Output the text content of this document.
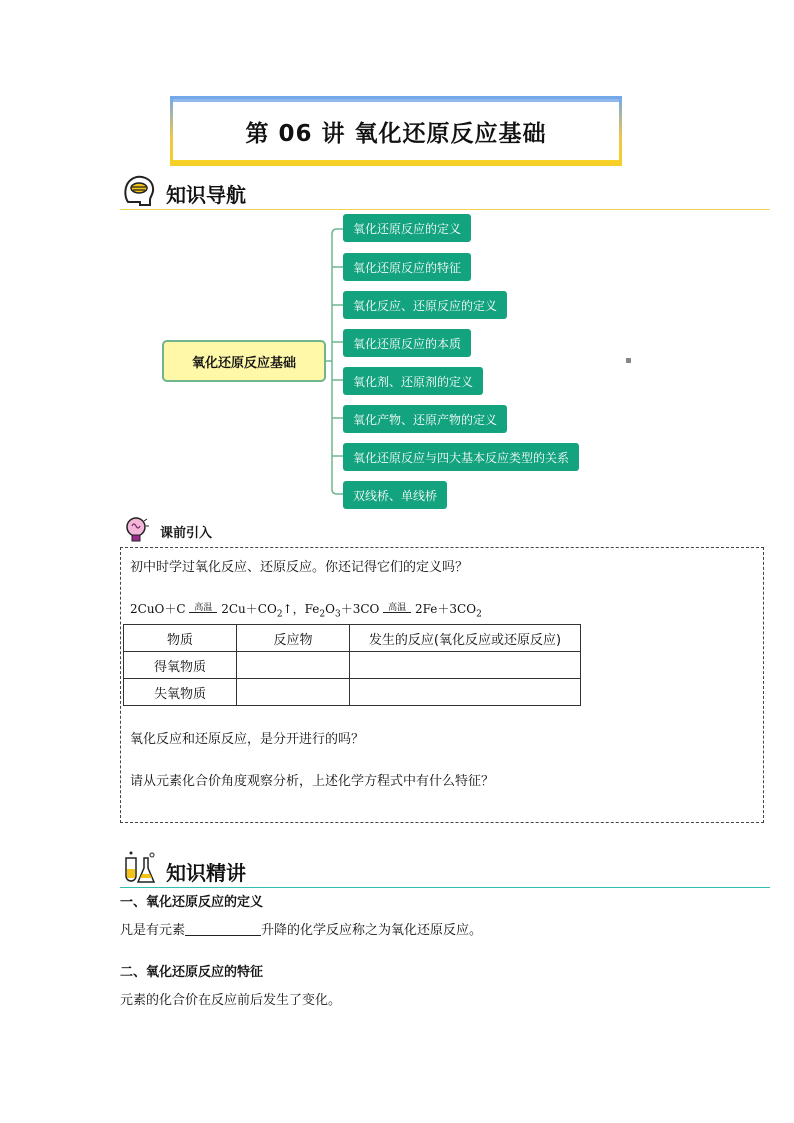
第 06 讲 氧化还原反应基础
知识导航
氧化还原反应基础
氧化还原反应的定义
氧化还原反应的特征
氧化反应、还原反应的定义
氧化还原反应的本质
氧化剂、还原剂的定义
氧化产物、还原产物的定义
氧化还原反应与四大基本反应类型的关系
双线桥、单线桥
课前引入
初中时学过氧化反应、还原反应。你还记得它们的定义吗？
2CuO＋C 高温 $2Cu+CO_2↑$，$Fe_2O_3+3CO$ 高温 $2Fe+3CO_2$
物质	反应物	发生的反应(氧化反应或还原反应)
得氧物质		
失氧物质		
氧化反应和还原反应，是分开进行的吗？
请从元素化合价角度观察分析，上述化学方程式中有什么特征？
知识精讲
一、氧化还原反应的定义
凡是有元素	升降的化学反应称之为氧化还原反应。
二、氧化还原反应的特征
元素的化合价在反应前后发生了变化。
